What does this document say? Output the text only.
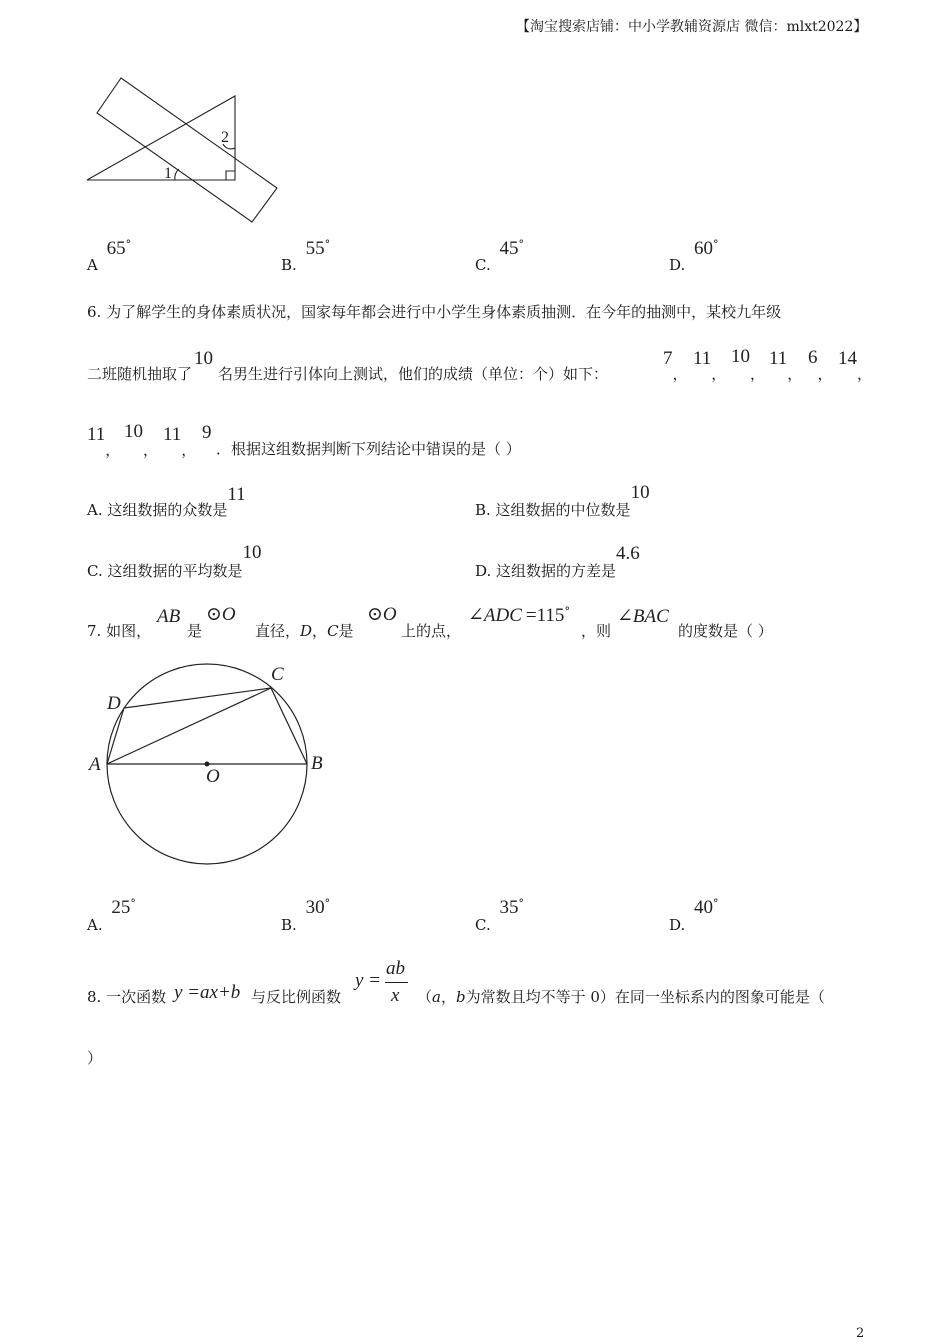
【淘宝搜索店铺：中小学教辅资源店 微信：mlxt2022】
1
2
A 65°
B. 55°
C. 45°
D. 60°
6. 为了解学生的身体素质状况，国家每年都会进行中小学生身体素质抽测．在今年的抽测中，某校九年级
二班随机抽取了10名男生进行引体向上测试，他们的成绩（单位：个）如下：
7，
11，
10，
11，
6，
14，
11，
10，
11，
9
．根据这组数据判断下列结论中错误的是（ ）
A. 这组数据的众数是11
B. 这组数据的中位数是10
C. 这组数据的平均数是10
D. 这组数据的方差是4.6
7. 如图，
AB
是
⊙O
直径，D，C是
⊙O
上的点，
∠ADC =115°
，则
∠BAC
的度数是（ ）
A	B
C
D
O
A. 25°
B. 30°
C. 35°
D. 40°
8. 一次函数 y =ax+b 与反比例函数
y =
ab
x （a，b为常数且均不等于 0）在同一坐标系内的图象可能是（
）
2
